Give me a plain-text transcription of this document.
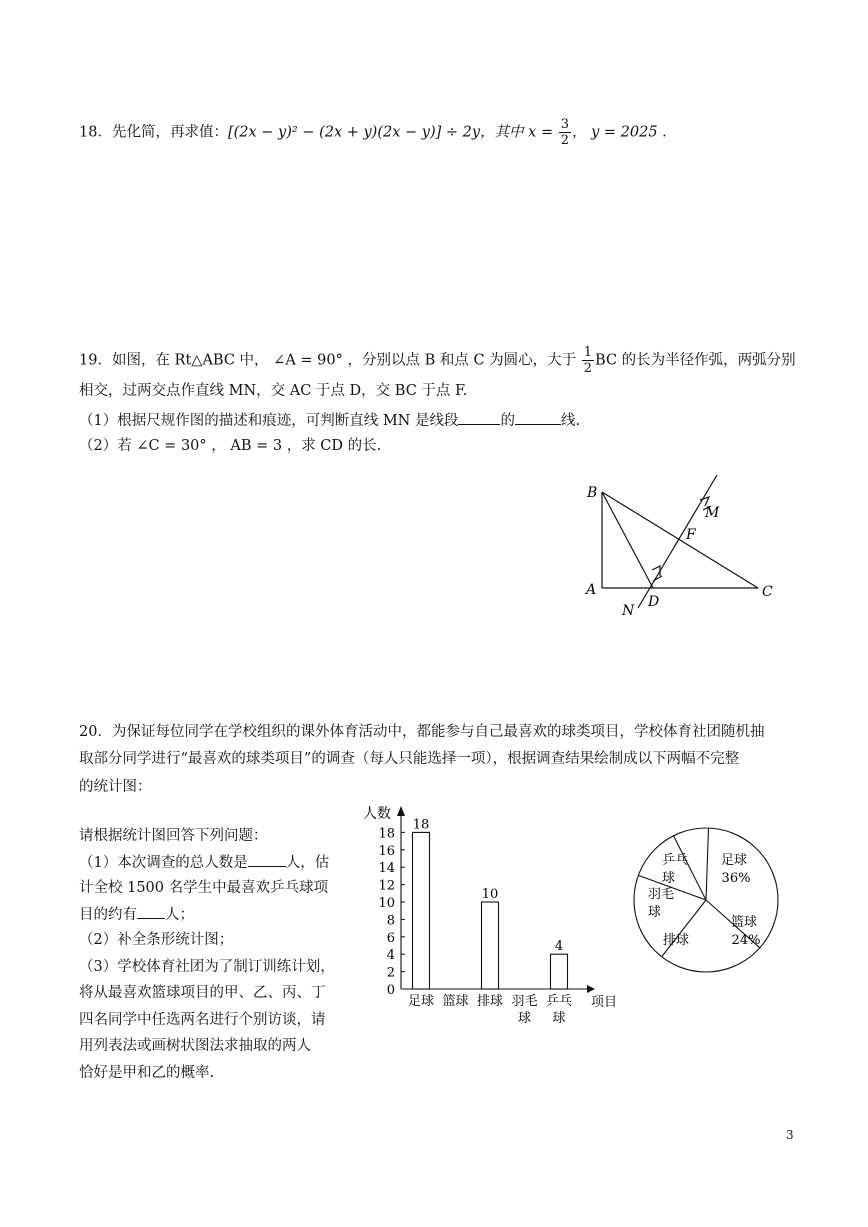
18．先化简，再求值：[(2x − y)² − (2x + y)(2x − y)] ÷ 2y，其中 $x = \frac{3}{2}$ ， y = 2025 .
19．如图，在 Rt△ABC 中， ∠A = 90° ，分别以点 B 和点 C 为圆心，大于 $\frac{1}{2}$ BC 的长为半径作弧，两弧分别
相交，过两交点作直线 MN，交 AC 于点 D，交 BC 于点 F.
（1）根据尺规作图的描述和痕迹，可判断直线 MN 是线段	的	线.
（2）若 ∠C = 30° ， AB = 3 ，求 CD 的长.
B
A	C
D
F
M
N
20．为保证每位同学在学校组织的课外体育活动中，都能参与自己最喜欢的球类项目，学校体育社团随机抽
取部分同学进行“最喜欢的球类项目”的调查（每人只能选择一项），根据调查结果绘制成以下两幅不完整
的统计图：
请根据统计图回答下列问题：
（1）本次调查的总人数是	人，估
计全校 1500 名学生中最喜欢乒乓球项
目的约有 人；
（2）补全条形统计图；
（3）学校体育社团为了制订训练计划，
将从最喜欢篮球项目的甲、乙、丙、丁
四名同学中任选两名进行个别访谈，请
用列表法或画树状图法求抽取的两人
恰好是甲和乙的概率.
人数
项目
0
2
4
6
8
10
12
14
16
18
18
足球 篮球
10
排球 羽毛
球
4
乒乓
球
足球
36%
篮球
24%
排球
羽毛
球
乒乓
球
3
